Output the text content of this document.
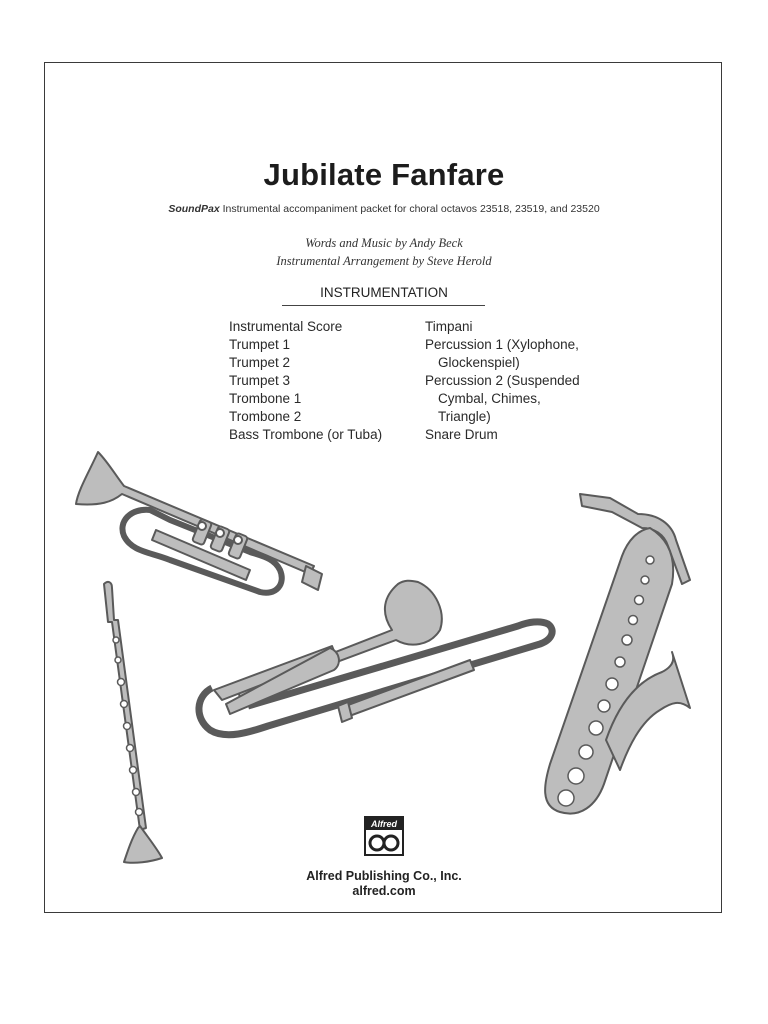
Jubilate Fanfare
SoundPax Instrumental accompaniment packet for choral octavos 23518, 23519, and 23520
Words and Music by Andy Beck
Instrumental Arrangement by Steve Herold
INSTRUMENTATION
Instrumental Score
Trumpet 1
Trumpet 2
Trumpet 3
Trombone 1
Trombone 2
Bass Trombone (or Tuba)
Timpani
Percussion 1 (Xylophone,
Glockenspiel)
Percussion 2 (Suspended
Cymbal, Chimes,
Triangle)
Snare Drum
Alfred
Alfred Publishing Co., Inc.
alfred.com
